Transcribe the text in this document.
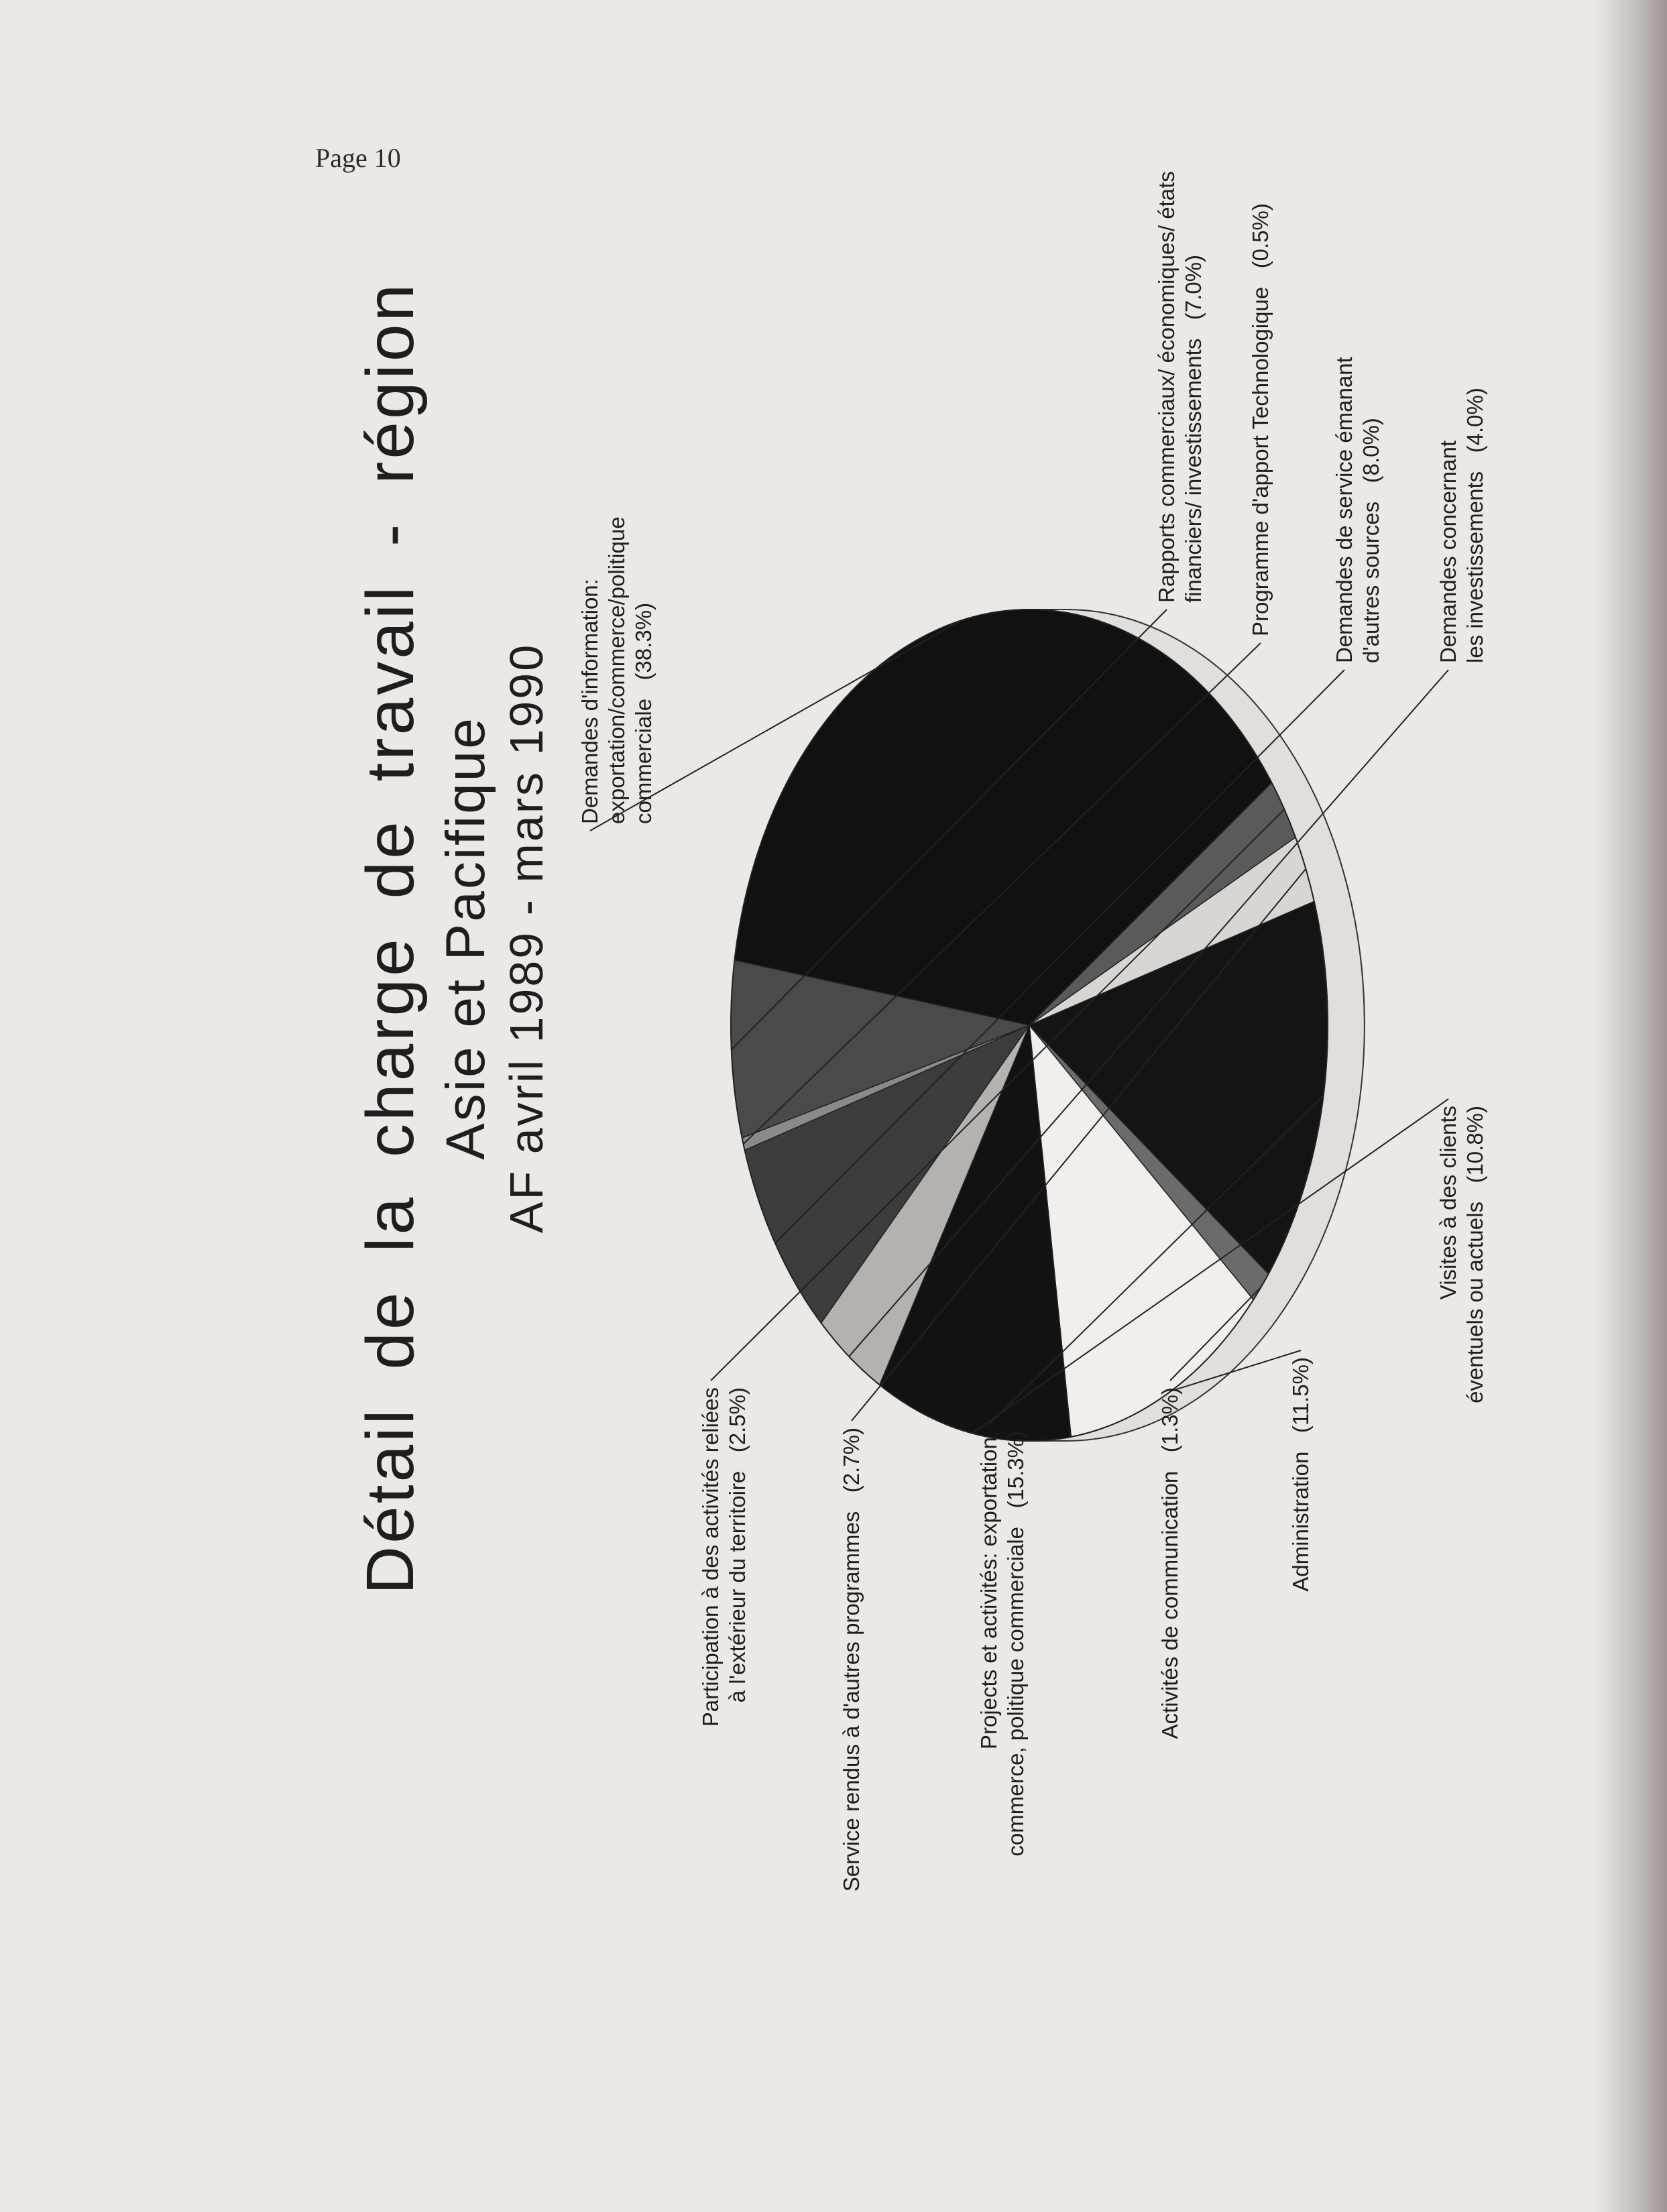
Page 10
Détail de la charge de travail - région Asie et Pacifique AF avril 1989 - mars 1990 Demandes d'information:
exportation/commerce/politique
commerciale   (38.3%)
Participation à des activités reliées
à l'extérieur du territoire   (2.5%)
Service rendus à d'autres programmes   (2.7%)	Projects et activités: exportation,
commerce, politique commerciale   (15.3%)	Activités de communication   (1.3%)	Administration   (11.5%)
Visites à des clients
éventuels ou actuels   (10.8%)
Demandes concernant
les investissements   (4.0%)
Demandes de service émanant
d'autres sources   (8.0%)
Programme d'apport Technologique   (0.5%)
Rapports commerciaux/ économiques/ états
financiers/ investissements   (7.0%)
